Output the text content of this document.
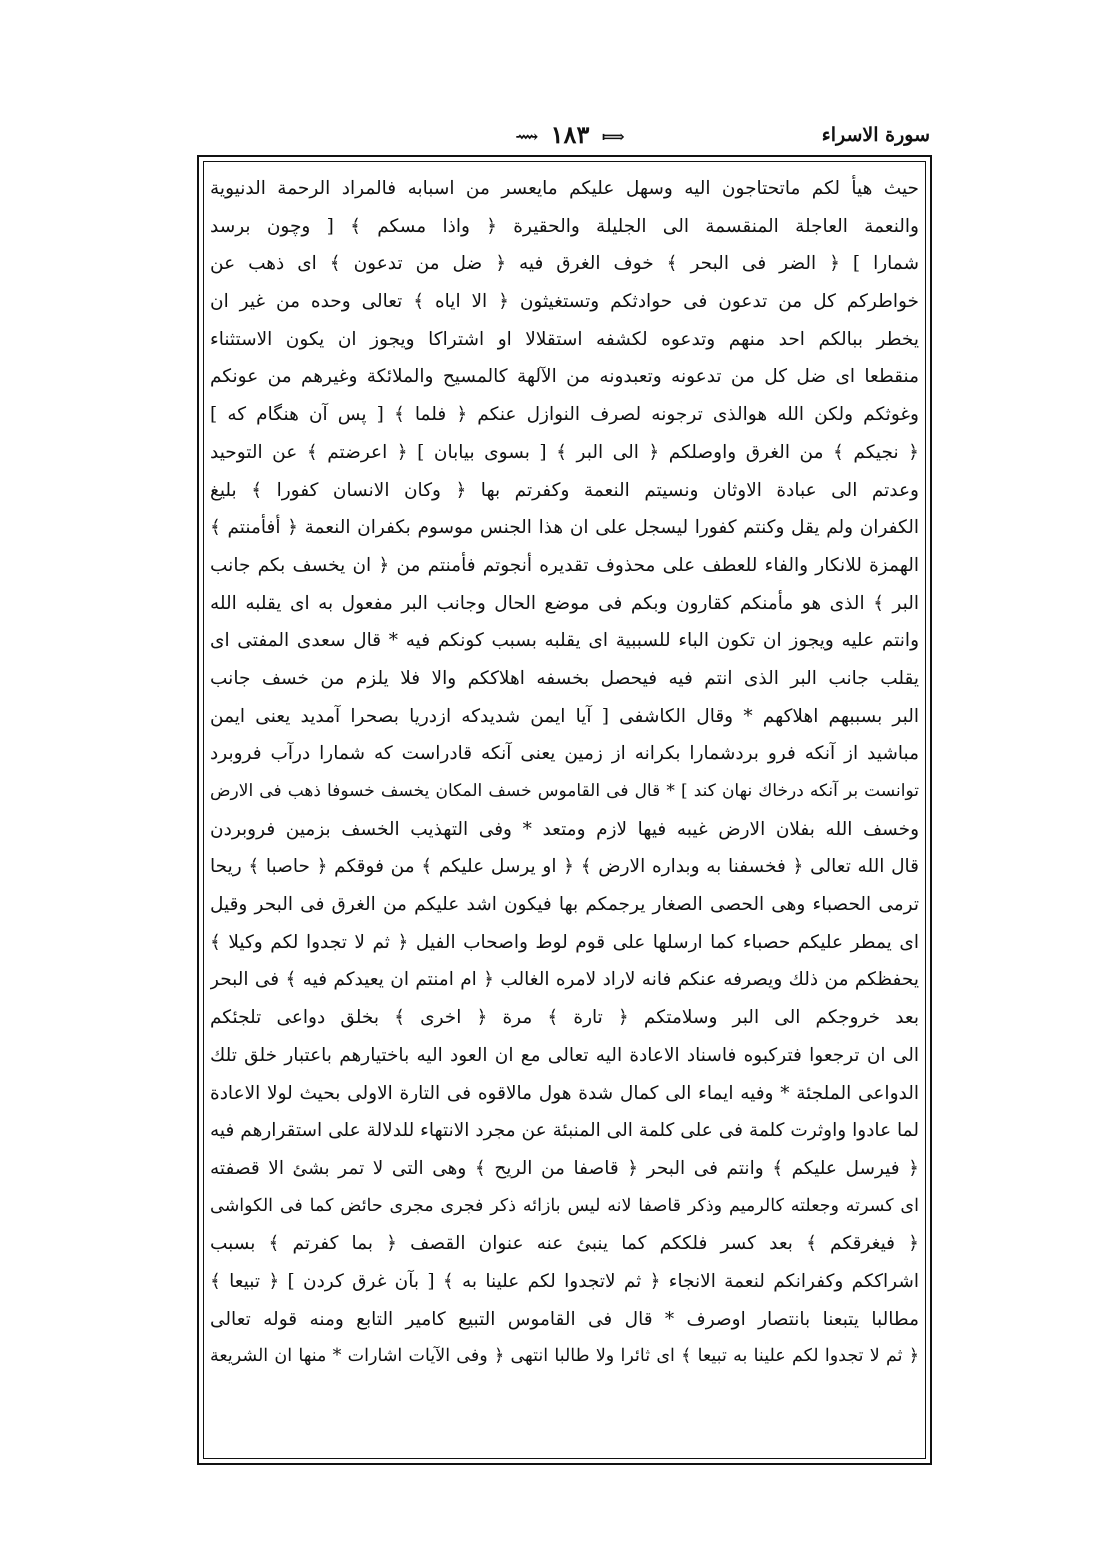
سورة الاسراء
⟿ ۱۸۳ ⟾
حيث هيأ لكم ماتحتاجون اليه وسهل عليكم مايعسر من اسبابه فالمراد الرحمة الدنيوية
والنعمة العاجلة المنقسمة الى الجليلة والحقيرة ﴿ واذا مسكم ﴾ [ وچون برسد
شمارا ] ﴿ الضر فى البحر ﴾ خوف الغرق فيه ﴿ ضل من تدعون ﴾ اى ذهب عن
خواطركم كل من تدعون فى حوادثكم وتستغيثون ﴿ الا اياه ﴾ تعالى وحده من غير ان
يخطر ببالكم احد منهم وتدعوه لكشفه استقلالا او اشتراكا ويجوز ان يكون الاستثناء
منقطعا اى ضل كل من تدعونه وتعبدونه من الآلهة كالمسيح والملائكة وغيرهم من عونكم
وغوثكم ولكن الله هوالذى ترجونه لصرف النوازل عنكم ﴿ فلما ﴾ [ پس آن هنگام كه ]
﴿ نجيكم ﴾ من الغرق واوصلكم ﴿ الى البر ﴾ [ بسوى بيابان ] ﴿ اعرضتم ﴾ عن التوحيد
وعدتم الى عبادة الاوثان ونسيتم النعمة وكفرتم بها ﴿ وكان الانسان كفورا ﴾ بليغ
الكفران ولم يقل وكنتم كفورا ليسجل على ان هذا الجنس موسوم بكفران النعمة ﴿ أفأمنتم ﴾
الهمزة للانكار والفاء للعطف على محذوف تقديره أنجوتم فأمنتم من ﴿ ان يخسف بكم جانب
البر ﴾ الذى هو مأمنكم كقارون وبكم فى موضع الحال وجانب البر مفعول به اى يقلبه الله
وانتم عليه ويجوز ان تكون الباء للسببية اى يقلبه بسبب كونكم فيه * قال سعدى المفتى اى
يقلب جانب البر الذى انتم فيه فيحصل بخسفه اهلاككم والا فلا يلزم من خسف جانب
البر بسببهم اهلاكهم * وقال الكاشفى [ آيا ايمن شديدكه ازدريا بصحرا آمديد يعنى ايمن
مباشيد از آنكه فرو بردشمارا بكرانه از زمين يعنى آنكه قادراست كه شمارا درآب فروبرد
توانست بر آنكه درخاك نهان كند ] * قال فى القاموس خسف المكان يخسف خسوفا ذهب فى الارض
وخسف الله بفلان الارض غيبه فيها لازم ومتعد * وفى التهذيب الخسف بزمين فروبردن
قال الله تعالى ﴿ فخسفنا به وبداره الارض ﴾ ﴿ او يرسل عليكم ﴾ من فوقكم ﴿ حاصبا ﴾ ريحا
ترمى الحصباء وهى الحصى الصغار يرجمكم بها فيكون اشد عليكم من الغرق فى البحر وقيل
اى يمطر عليكم حصباء كما ارسلها على قوم لوط واصحاب الفيل ﴿ ثم لا تجدوا لكم وكيلا ﴾
يحفظكم من ذلك ويصرفه عنكم فانه لاراد لامره الغالب ﴿ ام امنتم ان يعيدكم فيه ﴾ فى البحر
بعد خروجكم الى البر وسلامتكم ﴿ تارة ﴾ مرة ﴿ اخرى ﴾ بخلق دواعى تلجئكم
الى ان ترجعوا فتركبوه فاسناد الاعادة اليه تعالى مع ان العود اليه باختيارهم باعتبار خلق تلك
الدواعى الملجئة * وفيه ايماء الى كمال شدة هول مالاقوه فى التارة الاولى بحيث لولا الاعادة
لما عادوا واوثرت كلمة فى على كلمة الى المنبئة عن مجرد الانتهاء للدلالة على استقرارهم فيه
﴿ فيرسل عليكم ﴾ وانتم فى البحر ﴿ قاصفا من الريح ﴾ وهى التى لا تمر بشئ الا قصفته
اى كسرته وجعلته كالرميم وذكر قاصفا لانه ليس بازائه ذكر فجرى مجرى حائض كما فى الكواشى
﴿ فيغرقكم ﴾ بعد كسر فلككم كما ينبئ عنه عنوان القصف ﴿ بما كفرتم ﴾ بسبب
اشراككم وكفرانكم لنعمة الانجاء ﴿ ثم لاتجدوا لكم علينا به ﴾ [ بآن غرق كردن ] ﴿ تبيعا ﴾
مطالبا يتبعنا بانتصار اوصرف * قال فى القاموس التبيع كامير التابع ومنه قوله تعالى
﴿ ثم لا تجدوا لكم علينا به تبيعا ﴾ اى ثائرا ولا طالبا انتهى ﴿ وفى الآيات اشارات * منها ان الشريعة
